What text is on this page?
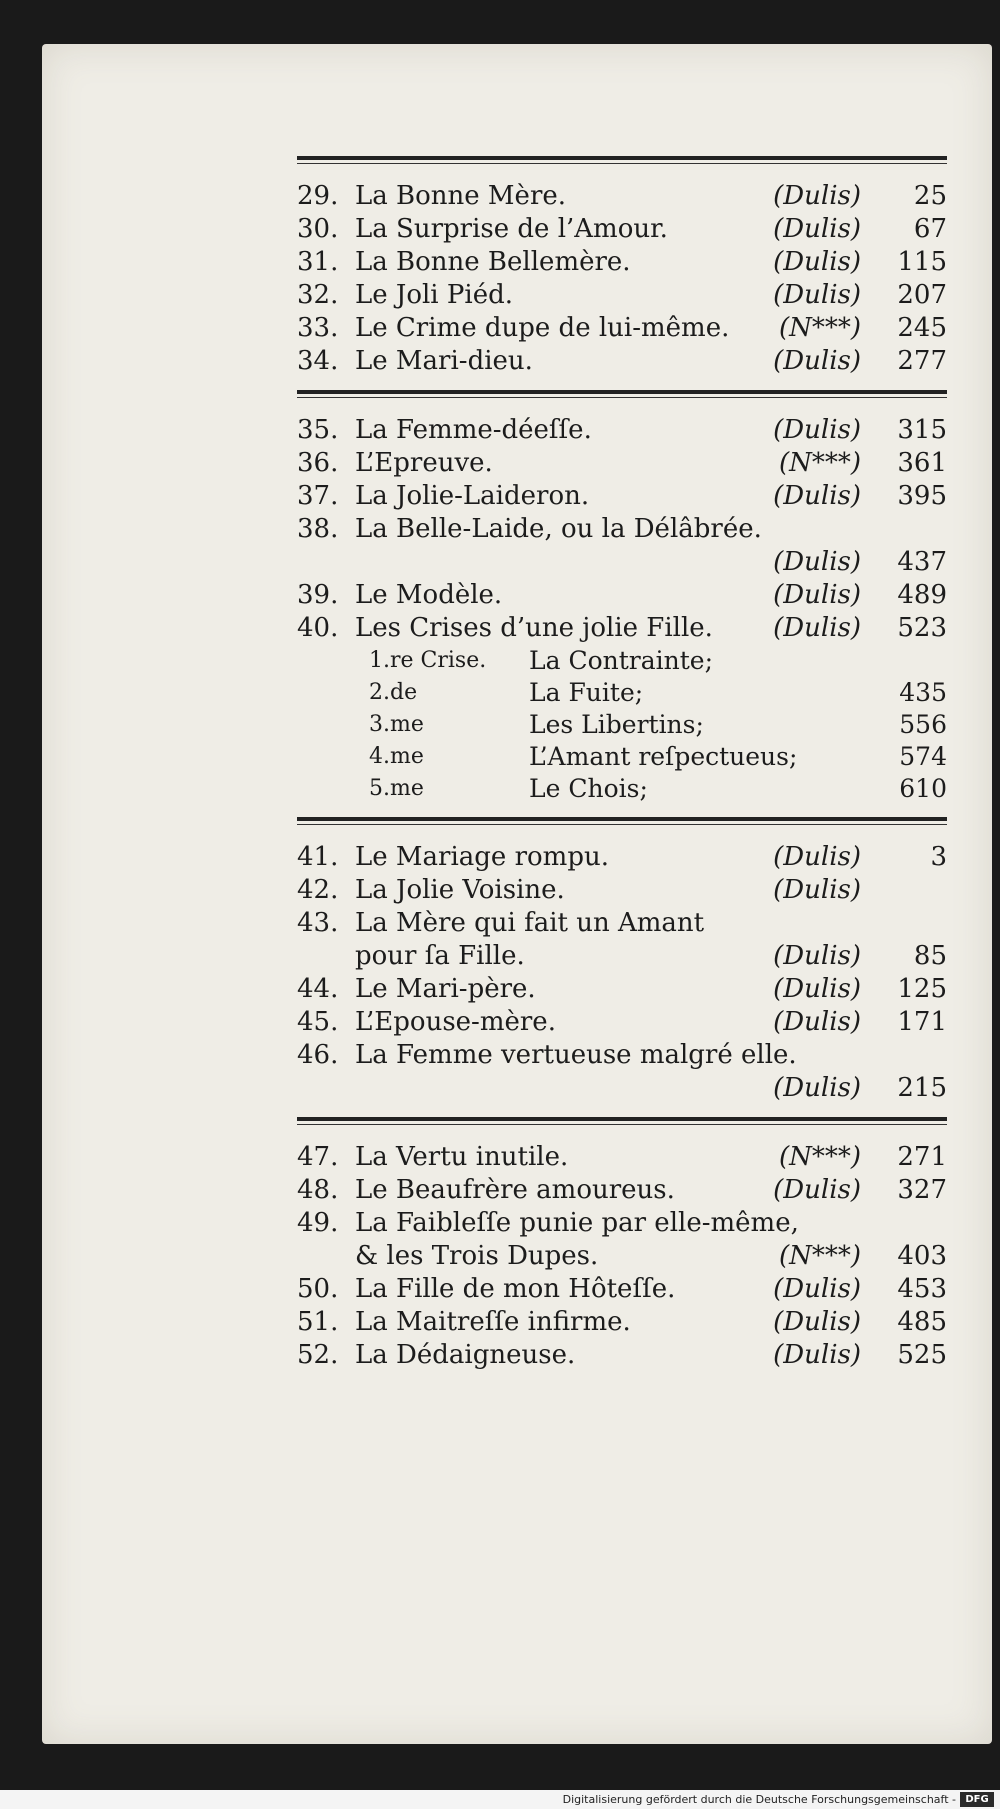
29. La Bonne Mère.	(Dulis)	25
30. La Surprise de l’Amour.	(Dulis)	67
31. La Bonne Bellemère.	(Dulis)	115
32. Le Joli Piéd.	(Dulis)	207
33. Le Crime dupe de lui-même. (N***)	245
34. Le Mari-dieu.	(Dulis)	277
35. La Femme-déeſſe.	(Dulis)	315
36. L’Epreuve.	(N***)	361
37. La Jolie-Laideron.	(Dulis)	395
38. La Belle-Laide, ou la Délâbrée.
(Dulis)	437
39. Le Modèle.	(Dulis)	489
40. Les Crises d’une jolie Fille. (Dulis)	523
1.re Crise. La Contrainte;
2.de	La Fuite;	435
3.me	Les Libertins;	556
4.me	L’Amant reſpectueus;	574
5.me	Le Chois;	610
41. Le Mariage rompu.	(Dulis)	3
42. La Jolie Voisine.	(Dulis)
43. La Mère qui fait un Amant
pour ſa Fille.	(Dulis)	85
44. Le Mari-père.	(Dulis)	125
45. L’Epouse-mère.	(Dulis)	171
46. La Femme vertueuse malgré elle.
(Dulis)	215
47. La Vertu inutile.	(N***)	271
48. Le Beaufrère amoureus.	(Dulis)	327
49. La Faibleſſe punie par elle-même,
& les Trois Dupes.	(N***)	403
50. La Fille de mon Hôteſſe.	(Dulis)	453
51. La Maitreſſe infirme.	(Dulis)	485
52. La Dédaigneuse.	(Dulis)	525
Digitalisierung gefördert durch die Deutsche Forschungsgemeinschaft - DFG
